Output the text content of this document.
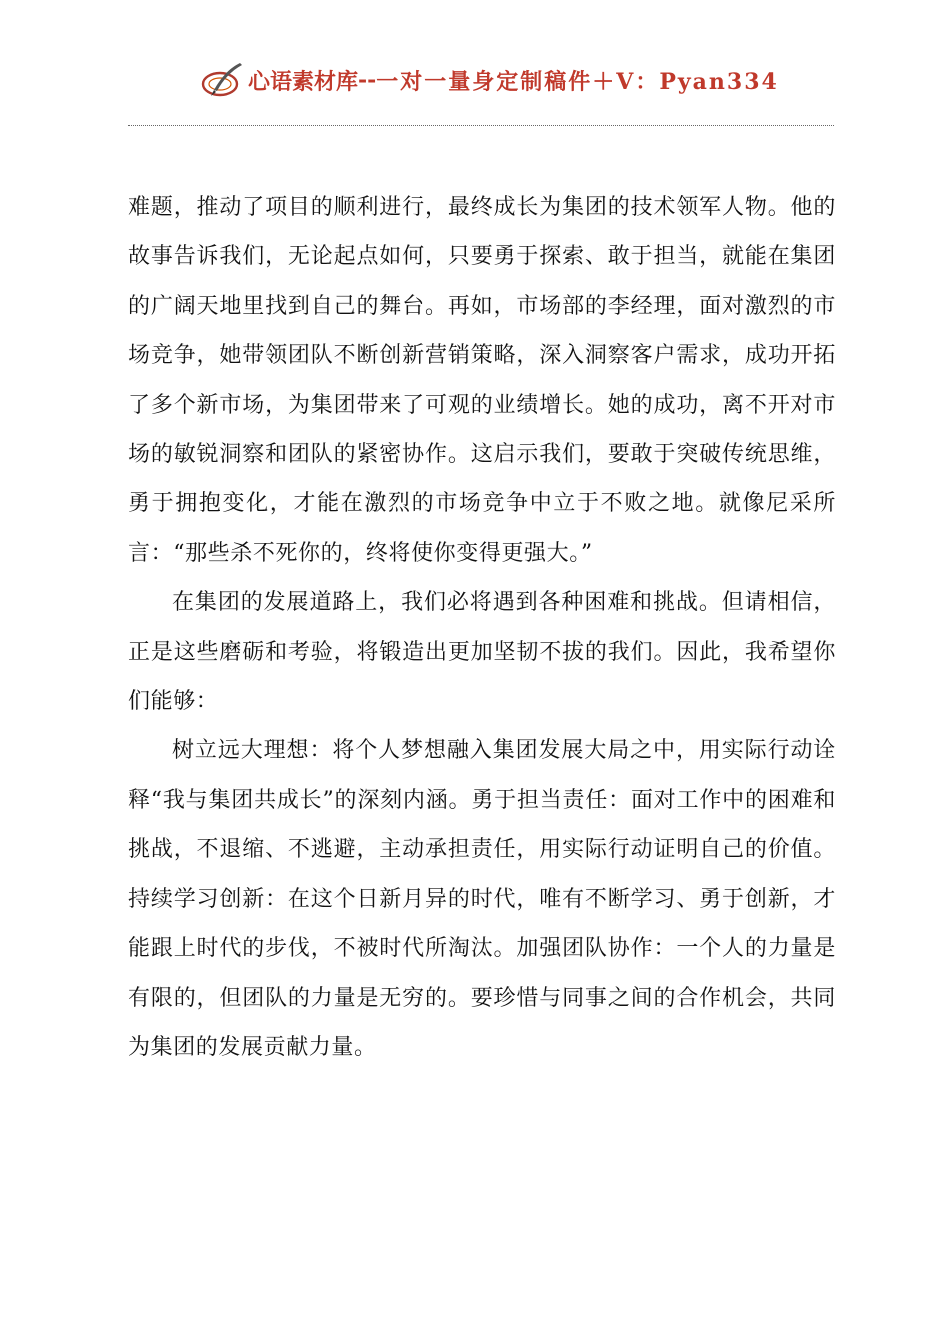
心语素材库 -- 一对一量身定制稿件＋V：Pyan334

难题，推动了项目的顺利进行，最终成长为集团的技术领军人物。他的故事告诉我们，无论起点如何，只要勇于探索、敢于担当，就能在集团的广阔天地里找到自己的舞台。再如，市场部的李经理，面对激烈的市场竞争，她带领团队不断创新营销策略，深入洞察客户需求，成功开拓了多个新市场，为集团带来了可观的业绩增长。她的成功，离不开对市场的敏锐洞察和团队的紧密协作。这启示我们，要敢于突破传统思维，勇于拥抱变化，才能在激烈的市场竞争中立于不败之地。就像尼采所言：“那些杀不死你的，终将使你变得更强大。”

在集团的发展道路上，我们必将遇到各种困难和挑战。但请相信，正是这些磨砺和考验，将锻造出更加坚韧不拔的我们。因此，我希望你们能够：

树立远大理想：将个人梦想融入集团发展大局之中，用实际行动诠释“我与集团共成长”的深刻内涵。勇于担当责任：面对工作中的困难和挑战，不退缩、不逃避，主动承担责任，用实际行动证明自己的价值。持续学习创新：在这个日新月异的时代，唯有不断学习、勇于创新，才能跟上时代的步伐，不被时代所淘汰。加强团队协作：一个人的力量是有限的，但团队的力量是无穷的。要珍惜与同事之间的合作机会，共同为集团的发展贡献力量。
